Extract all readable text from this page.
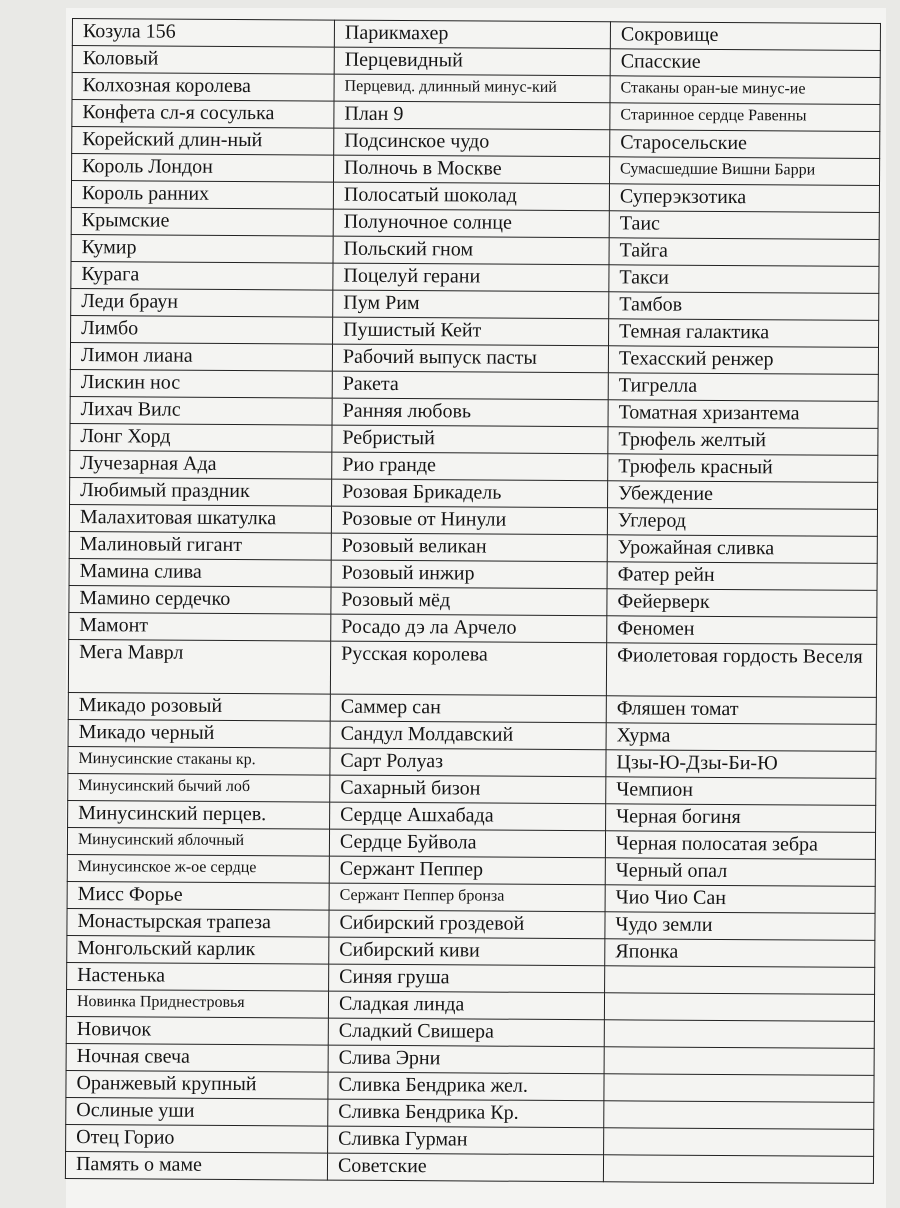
Козула 156	Парикмахер	Сокровище
Коловый	Перцевидный	Спасские
Колхозная королева	Перцевид. длинный минус-кий	Стаканы оран-ые минус-ие
Конфета сл-я сосулька	План 9	Старинное сердце Равенны
Корейский длин-ный	Подсинское чудо	Старосельские
Король Лондон	Полночь в Москве	Сумасшедшие Вишни Барри
Король ранних	Полосатый шоколад	Суперэкзотика
Крымские	Полуночное солнце	Таис
Кумир	Польский гном	Тайга
Курага	Поцелуй герани	Такси
Леди браун	Пум Рим	Тамбов
Лимбо	Пушистый Кейт	Темная галактика
Лимон лиана	Рабочий выпуск пасты	Техасский ренжер
Лискин нос	Ракета	Тигрелла
Лихач Вилс	Ранняя любовь	Томатная хризантема
Лонг Хорд	Ребристый	Трюфель желтый
Лучезарная Ада	Рио гранде	Трюфель красный
Любимый праздник	Розовая Брикадель	Убеждение
Малахитовая шкатулка	Розовые от Нинули	Углерод
Малиновый гигант	Розовый великан	Урожайная сливка
Мамина слива	Розовый инжир	Фатер рейн
Мамино сердечко	Розовый мёд	Фейерверк
Мамонт	Росадо дэ ла Арчело	Феномен
Мега Маврл	Русская королева	Фиолетовая гордость Веселя
Микадо розовый	Саммер сан	Фляшен томат
Микадо черный	Сандул Молдавский	Хурма
Минусинские стаканы кр.	Сарт Ролуаз	Цзы-Ю-Дзы-Би-Ю
Минусинский бычий лоб	Сахарный бизон	Чемпион
Минусинский перцев.	Сердце Ашхабада	Черная богиня
Минусинский яблочный	Сердце Буйвола	Черная полосатая зебра
Минусинское ж-ое сердце	Сержант Пеппер	Черный опал
Мисс Форье	Сержант Пеппер бронза	Чио Чио Сан
Монастырская трапеза	Сибирский гроздевой	Чудо земли
Монгольский карлик	Сибирский киви	Японка
Настенька	Синяя груша	
Новинка Приднестровья	Сладкая линда	
Новичок	Сладкий Свишера	
Ночная свеча	Слива Эрни	
Оранжевый крупный	Сливка Бендрика жел.	
Ослиные уши	Сливка Бендрика Кр.	
Отец Горио	Сливка Гурман	
Память о маме	Советские	
